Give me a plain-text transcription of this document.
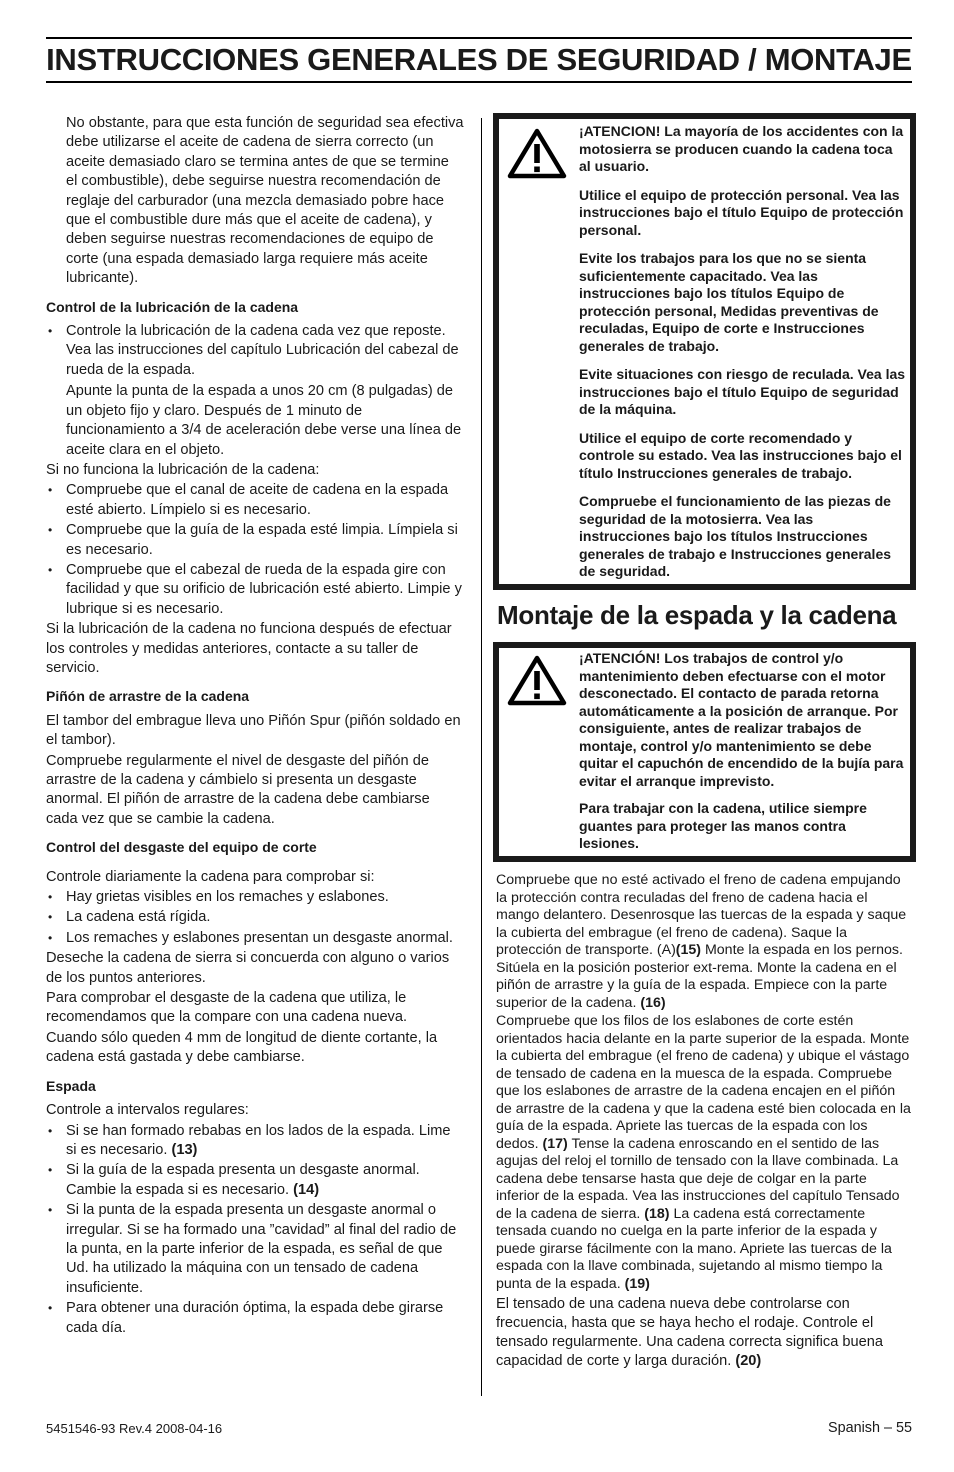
INSTRUCCIONES GENERALES DE SEGURIDAD / MONTAJE

No obstante, para que esta función de seguridad sea efectiva debe utilizarse el aceite de cadena de sierra correcto (un aceite demasiado claro se termina antes de que se termine el combustible), debe seguirse nuestra recomendación de reglaje del carburador (una mezcla demasiado pobre hace que el combustible dure más que el aceite de cadena), y deben seguirse nuestras recomendaciones de equipo de corte (una espada demasiado larga requiere más aceite lubricante).

Control de la lubricación de la cadena

• Controle la lubricación de la cadena cada vez que reposte. Vea las instrucciones del capítulo Lubricación del cabezal de rueda de la espada.

Apunte la punta de la espada a unos 20 cm (8 pulgadas) de un objeto fijo y claro. Después de 1 minuto de funcionamiento a 3/4 de aceleración debe verse una línea de aceite clara en el objeto.

Si no funciona la lubricación de la cadena:

• Compruebe que el canal de aceite de cadena en la espada esté abierto. Límpielo si es necesario.

• Compruebe que la guía de la espada esté limpia. Límpiela si es necesario.

• Compruebe que el cabezal de rueda de la espada gire con facilidad y que su orificio de lubricación esté abierto. Limpie y lubrique si es necesario.

Si la lubricación de la cadena no funciona después de efectuar los controles y medidas anteriores, contacte a su taller de servicio.

Piñón de arrastre de la cadena

El tambor del embrague lleva uno Piñón Spur (piñón soldado en el tambor).

Compruebe regularmente el nivel de desgaste del piñón de arrastre de la cadena y cámbielo si presenta un desgaste anormal. El piñón de arrastre de la cadena debe cambiarse cada vez que se cambie la cadena.

Control del desgaste del equipo de corte

Controle diariamente la cadena para comprobar si:

• Hay grietas visibles en los remaches y eslabones.

• La cadena está rígida.

• Los remaches y eslabones presentan un desgaste anormal.

Deseche la cadena de sierra si concuerda con alguno o varios de los puntos anteriores.

Para comprobar el desgaste de la cadena que utiliza, le recomendamos que la compare con una cadena nueva.

Cuando sólo queden 4 mm de longitud de diente cortante, la cadena está gastada y debe cambiarse.

Espada

Controle a intervalos regulares:

• Si se han formado rebabas en los lados de la espada. Lime si es necesario. (13)

• Si la guía de la espada presenta un desgaste anormal. Cambie la espada si es necesario. (14)

• Si la punta de la espada presenta un desgaste anormal o irregular. Si se ha formado una ”cavidad” al final del radio de la punta, en la parte inferior de la espada, es señal de que Ud. ha utilizado la máquina con un tensado de cadena insuficiente.

• Para obtener una duración óptima, la espada debe girarse cada día.

¡ATENCION! La mayoría de los accidentes con la motosierra se producen cuando la cadena toca al usuario.

Utilice el equipo de protección personal. Vea las instrucciones bajo el título Equipo de protección personal.

Evite los trabajos para los que no se sienta suficientemente capacitado. Vea las instrucciones bajo los títulos Equipo de protección personal, Medidas preventivas de reculadas, Equipo de corte e Instrucciones generales de trabajo.

Evite situaciones con riesgo de reculada. Vea las instrucciones bajo el título Equipo de seguridad de la máquina.

Utilice el equipo de corte recomendado y controle su estado. Vea las instrucciones bajo el título Instrucciones generales de trabajo.

Compruebe el funcionamiento de las piezas de seguridad de la motosierra. Vea las instrucciones bajo los títulos Instrucciones generales de trabajo e Instrucciones generales de seguridad.

Montaje de la espada y la cadena

¡ATENCIÓN! Los trabajos de control y/o mantenimiento deben efectuarse con el motor desconectado. El contacto de parada retorna automáticamente a la posición de arranque. Por consiguiente, antes de realizar trabajos de montaje, control y/o mantenimiento se debe quitar el capuchón de encendido de la bujía para evitar el arranque imprevisto.

Para trabajar con la cadena, utilice siempre guantes para proteger las manos contra lesiones.

Compruebe que no esté activado el freno de cadena empujando la protección contra reculadas del freno de cadena hacia el mango delantero. Desenrosque las tuercas de la espada y saque la cubierta del embrague (el freno de cadena). Saque la protección de transporte. (A)(15) Monte la espada en los pernos. Sitúela en la posición posterior ext-rema. Monte la cadena en el piñón de arrastre y la guía de la espada. Empiece con la parte superior de la cadena. (16)

Compruebe que los filos de los eslabones de corte estén orientados hacia delante en la parte superior de la espada. Monte la cubierta del embrague (el freno de cadena) y ubique el vástago de tensado de cadena en la muesca de la espada. Compruebe que los eslabones de arrastre de la cadena encajen en el piñón de arrastre de la cadena y que la cadena esté bien colocada en la guía de la espada. Apriete las tuercas de la espada con los dedos. (17) Tense la cadena enroscando en el sentido de las agujas del reloj el tornillo de tensado con la llave combinada. La cadena debe tensarse hasta que deje de colgar en la parte inferior de la espada. Vea las instrucciones del capítulo Tensado de la cadena de sierra. (18) La cadena está correctamente tensada cuando no cuelga en la parte inferior de la espada y puede girarse fácilmente con la mano. Apriete las tuercas de la espada con la llave combinada, sujetando al mismo tiempo la punta de la espada. (19)

El tensado de una cadena nueva debe controlarse con frecuencia, hasta que se haya hecho el rodaje. Controle el tensado regularmente. Una cadena correcta significa buena capacidad de corte y larga duración. (20)

5451546-93 Rev.4 2008-04-16	Spanish – 55
